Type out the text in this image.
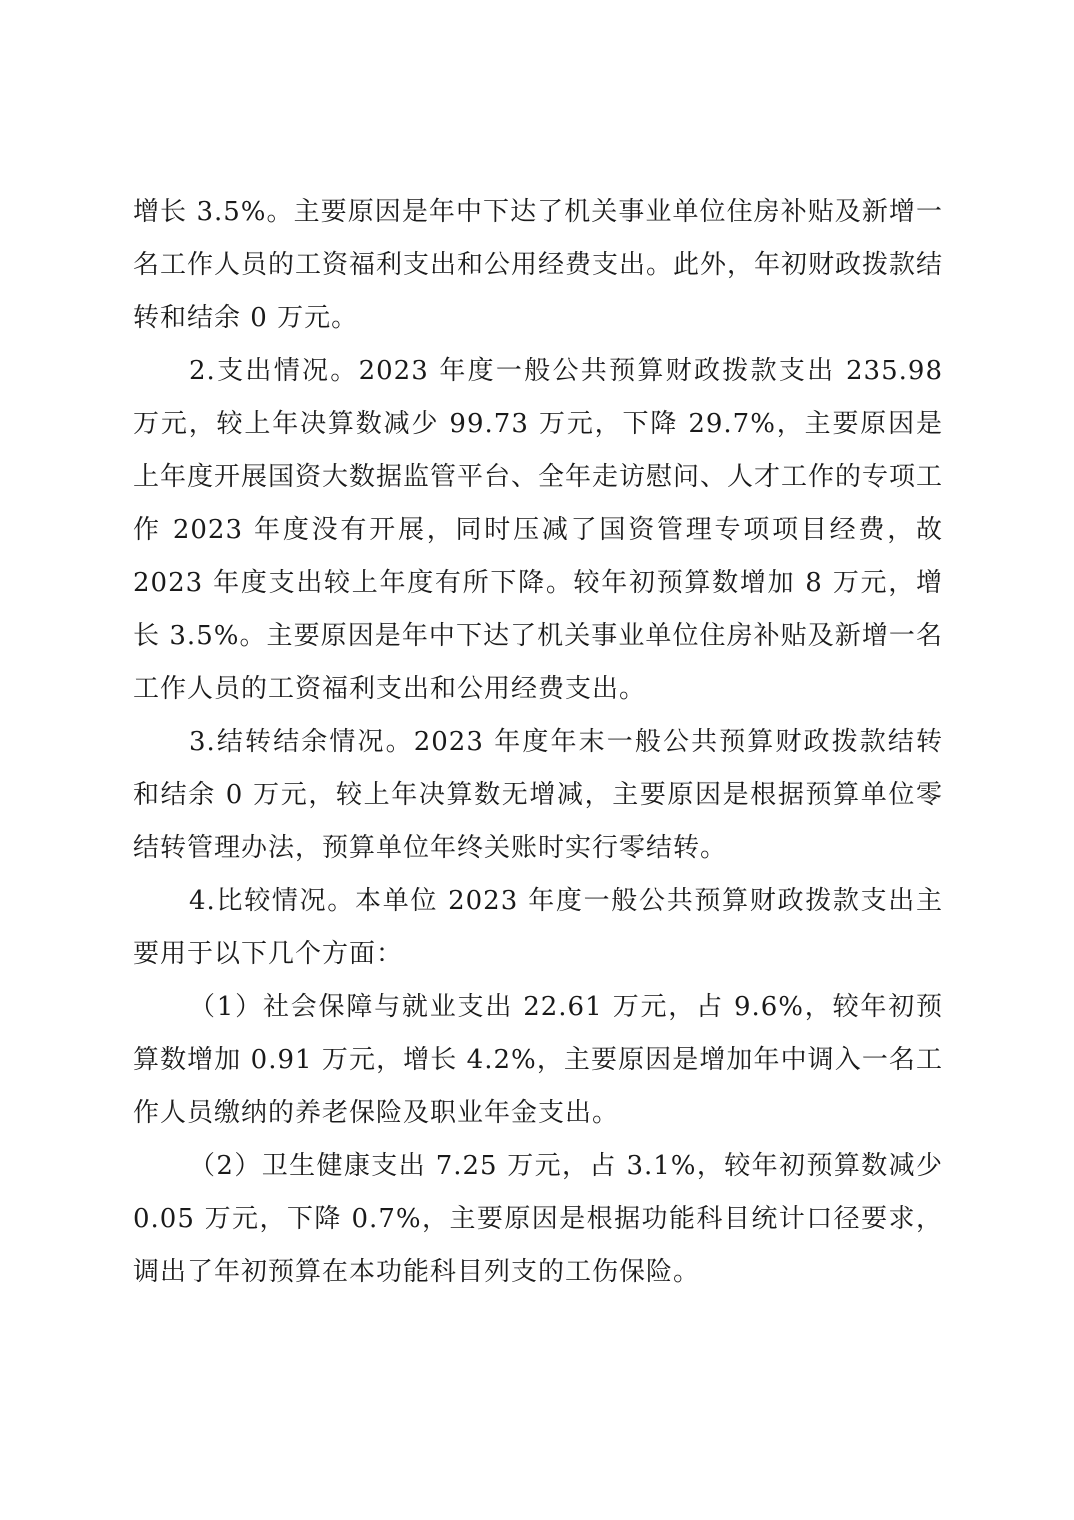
增长 3.5%。主要原因是年中下达了机关事业单位住房补贴及新增一名工作人员的工资福利支出和公用经费支出。此外，年初财政拨款结转和结余 0 万元。

2.支出情况。2023 年度一般公共预算财政拨款支出 235.98 万元，较上年决算数减少 99.73 万元，下降 29.7%，主要原因是上年度开展国资大数据监管平台、全年走访慰问、人才工作的专项工作 2023 年度没有开展，同时压减了国资管理专项项目经费，故 2023 年度支出较上年度有所下降。较年初预算数增加 8 万元，增长 3.5%。主要原因是年中下达了机关事业单位住房补贴及新增一名工作人员的工资福利支出和公用经费支出。

3.结转结余情况。2023 年度年末一般公共预算财政拨款结转和结余 0 万元，较上年决算数无增减，主要原因是根据预算单位零结转管理办法，预算单位年终关账时实行零结转。

4.比较情况。本单位 2023 年度一般公共预算财政拨款支出主要用于以下几个方面：

（1）社会保障与就业支出 22.61 万元，占 9.6%，较年初预算数增加 0.91 万元，增长 4.2%，主要原因是增加年中调入一名工作人员缴纳的养老保险及职业年金支出。

（2）卫生健康支出 7.25 万元，占 3.1%，较年初预算数减少 0.05 万元，下降 0.7%，主要原因是根据功能科目统计口径要求，调出了年初预算在本功能科目列支的工伤保险。
